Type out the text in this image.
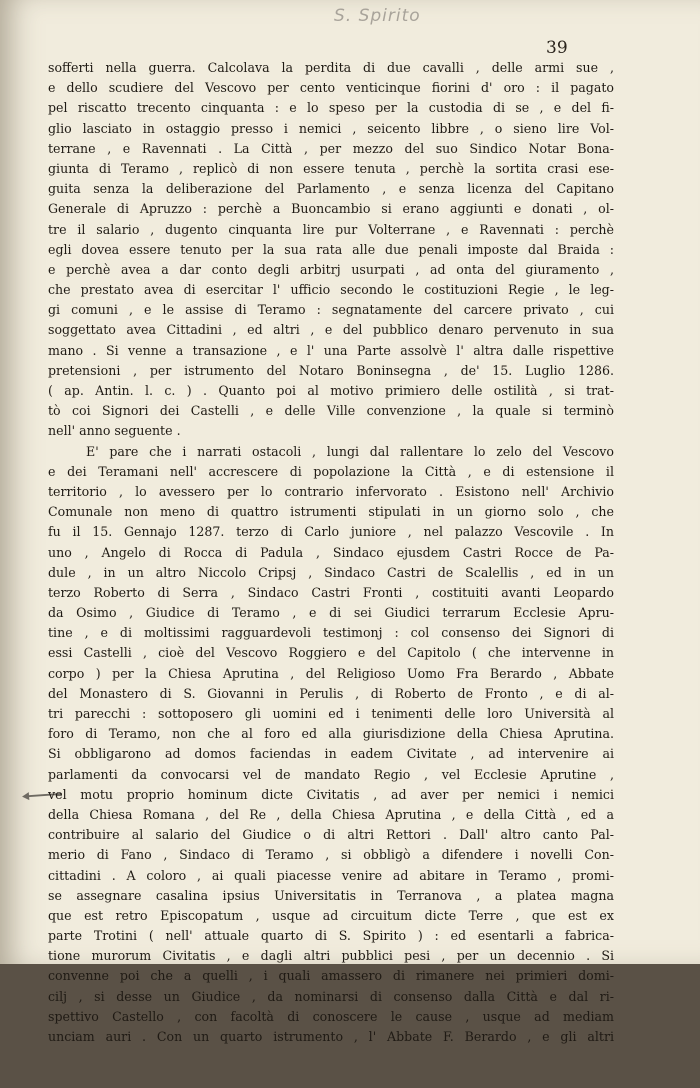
S. Spirito
39
sofferti nella guerra. Calcolava la perdita di due cavalli , delle armi sue ,
e dello scudiere del Vescovo per cento venticinque fiorini d' oro : il pagato
pel riscatto trecento cinquanta : e lo speso per la custodia di se , e del fi-
glio lasciato in ostaggio presso i nemici , seicento libbre , o sieno lire Vol-
terrane , e Ravennati . La Città , per mezzo del suo Sindico Notar Bona-
giunta di Teramo , replicò di non essere tenuta , perchè la sortita crasi ese-
guita senza la deliberazione del Parlamento , e senza licenza del Capitano
Generale di Apruzzo : perchè a Buoncambio si erano aggiunti e donati , ol-
tre il salario , dugento cinquanta lire pur Volterrane , e Ravennati : perchè
egli dovea essere tenuto per la sua rata alle due penali imposte dal Braida :
e perchè avea a dar conto degli arbitrj usurpati , ad onta del giuramento ,
che prestato avea di esercitar l' ufficio secondo le costituzioni Regie , le leg-
gi comuni , e le assise di Teramo : segnatamente del carcere privato , cui
soggettato avea Cittadini , ed altri , e del pubblico denaro pervenuto in sua
mano . Si venne a transazione , e l' una Parte assolvè l' altra dalle rispettive
pretensioni , per istrumento del Notaro Boninsegna , de' 15. Luglio 1286.
( ap. Antin. l. c. ) . Quanto poi al motivo primiero delle ostilità , si trat-
tò coi Signori dei Castelli , e delle Ville convenzione , la quale si terminò
nell' anno seguente .
E' pare che i narrati ostacoli , lungi dal rallentare lo zelo del Vescovo
e dei Teramani nell' accrescere di popolazione la Città , e di estensione il
territorio , lo avessero per lo contrario infervorato . Esistono nell' Archivio
Comunale non meno di quattro istrumenti stipulati in un giorno solo , che
fu il 15. Gennajo 1287. terzo di Carlo juniore , nel palazzo Vescovile . In
uno , Angelo di Rocca di Padula , Sindaco ejusdem Castri Rocce de Pa-
dule , in un altro Niccolo Cripsj , Sindaco Castri de Scalellis , ed in un
terzo Roberto di Serra , Sindaco Castri Fronti , costituiti avanti Leopardo
da Osimo , Giudice di Teramo , e di sei Giudici terrarum Ecclesie Apru-
tine , e di moltissimi ragguardevoli testimonj : col consenso dei Signori di
essi Castelli , cioè del Vescovo Roggiero e del Capitolo ( che intervenne in
corpo ) per la Chiesa Aprutina , del Religioso Uomo Fra Berardo , Abbate
del Monastero di S. Giovanni in Perulis , di Roberto de Fronto , e di al-
tri parecchi : sottoposero gli uomini ed i tenimenti delle loro Università al
foro di Teramo, non che al foro ed alla giurisdizione della Chiesa Aprutina.
Si obbligarono ad domos faciendas in eadem Civitate , ad intervenire ai
parlamenti da convocarsi vel de mandato Regio , vel Ecclesie Aprutine ,
vel motu proprio hominum dicte Civitatis , ad aver per nemici i nemici
della Chiesa Romana , del Re , della Chiesa Aprutina , e della Città , ed a
contribuire al salario del Giudice o di altri Rettori . Dall' altro canto Pal-
merio di Fano , Sindaco di Teramo , si obbligò a difendere i novelli Con-
cittadini . A coloro , ai quali piacesse venire ad abitare in Teramo , promi-
se assegnare casalina ipsius Universitatis in Terranova , a platea magna
que est retro Episcopatum , usque ad circuitum dicte Terre , que est ex
parte Trotini ( nell' attuale quarto di S. Spirito ) : ed esentarli a fabrica-
tione murorum Civitatis , e dagli altri pubblici pesi , per un decennio . Si
convenne poi che a quelli , i quali amassero di rimanere nei primieri domi-
cilj , si desse un Giudice , da nominarsi di consenso dalla Città e dal ri-
spettivo Castello , con facoltà di conoscere le cause , usque ad mediam
unciam auri . Con un quarto istrumento , l' Abbate F. Berardo , e gli altri
